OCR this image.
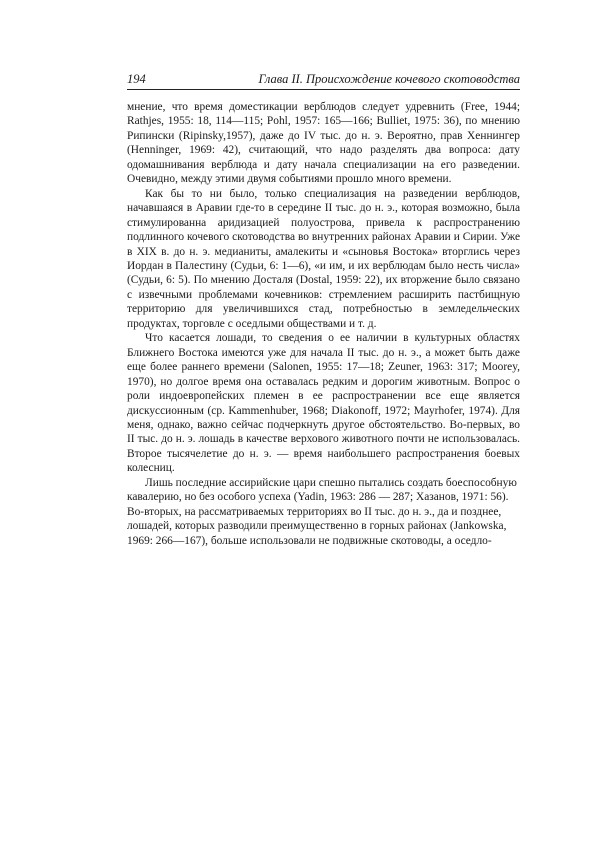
194	Глава II. Происхождение кочевого скотоводства

мнение, что время доместикации верблюдов следует удревнить (Free, 1944; Rathjes, 1955: 18, 114—115; Pohl, 1957: 165—166; Bulliet, 1975: 36), по мнению Рипински (Ripinsky,1957), даже до IV тыс. до н. э. Вероятно, прав Хеннингер (Henninger, 1969: 42), считающий, что надо разделять два вопроса: дату одомашнивания верблюда и дату начала специализации на его разведении. Очевидно, между этими двумя событиями прошло много времени.

Как бы то ни было, только специализация на разведении верблюдов, начавшаяся в Аравии где-то в середине II тыс. до н. э., которая возможно, была стимулированна аридизацией полуострова, привела к распространению подлинного кочевого скотоводства во внутренних районах Аравии и Сирии. Уже в XIX в. до н. э. медианиты, амалекиты и «сыновья Востока» вторглись через Иордан в Палестину (Судьи, 6: 1—6), «и им, и их верблюдам было несть числа» (Судьи, 6: 5). По мнению Досталя (Dostal, 1959: 22), их вторжение было связано с извечными проблемами кочевников: стремлением расширить пастбищную территорию для увеличившихся стад, потребностью в земледельческих продуктах, торговле с оседлыми обществами и т. д.

Что касается лошади, то сведения о ее наличии в культурных областях Ближнего Востока имеются уже для начала II тыс. до н. э., а может быть даже еще более раннего времени (Salonen, 1955: 17—18; Zeuner, 1963: 317; Moorey, 1970), но долгое время она оставалась редким и дорогим животным. Вопрос о роли индоевропейских племен в ее распространении все еще является дискуссионным (ср. Kammenhuber, 1968; Diakonoff, 1972; Mayrhofer, 1974). Для меня, однако, важно сейчас подчеркнуть другое обстоятельство. Во-первых, во II тыс. до н. э. лошадь в качестве верхового животного почти не использовалась. Второе тысячелетие до н. э. — время наибольшего распространения боевых колесниц.

Лишь последние ассирийские цари спешно пытались создать боеспособную кавалерию, но без особого успеха (Yadin, 1963: 286 — 287; Хазанов, 1971: 56). Во-вторых, на рассматриваемых территориях во II тыс. до н. э., да и позднее, лошадей, которых разводили преимущественно в горных районах (Jankowska, 1969: 266—167), больше использовали не подвижные скотоводы, а оседло-
